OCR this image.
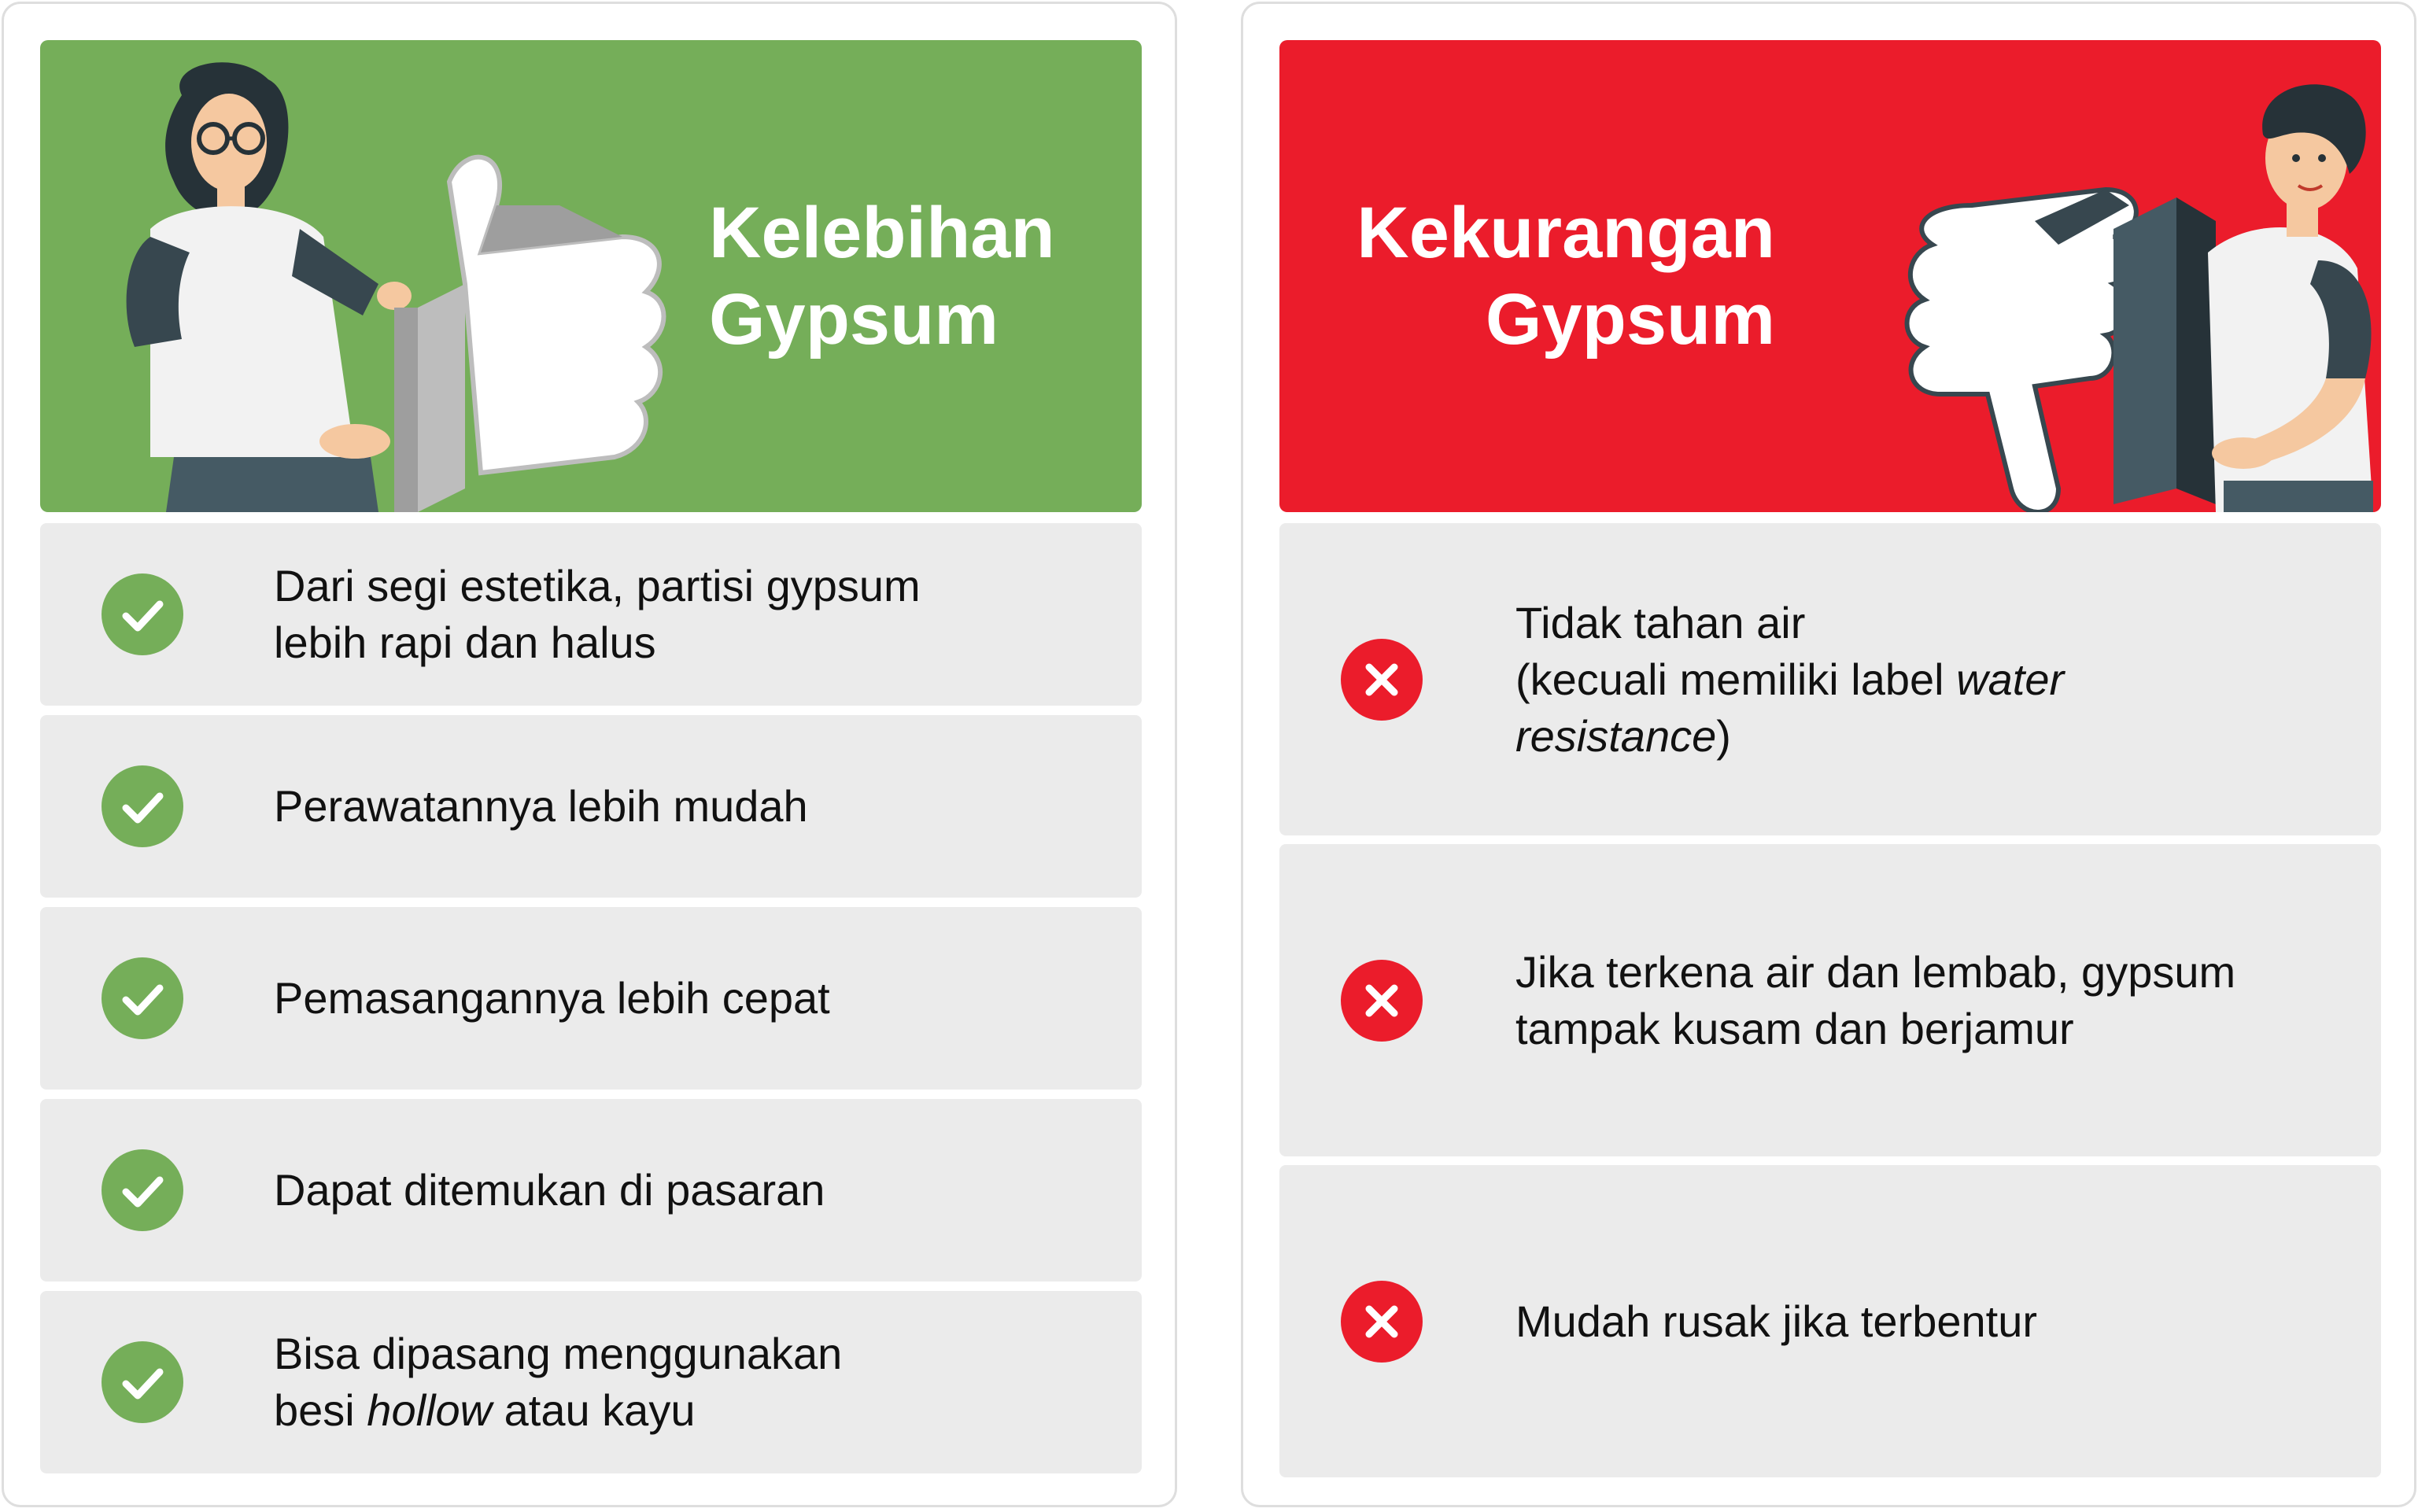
Kelebihan
Gypsum
Dari segi estetika, partisi gypsum
lebih rapi dan halus
Perawatannya lebih mudah
Pemasangannya lebih cepat
Dapat ditemukan di pasaran
Bisa dipasang menggunakan
besi hollow atau kayu
Kekurangan
Gypsum
Tidak tahan air
(kecuali memiliki label water
resistance)
Jika terkena air dan lembab, gypsum
tampak kusam dan berjamur
Mudah rusak jika terbentur
